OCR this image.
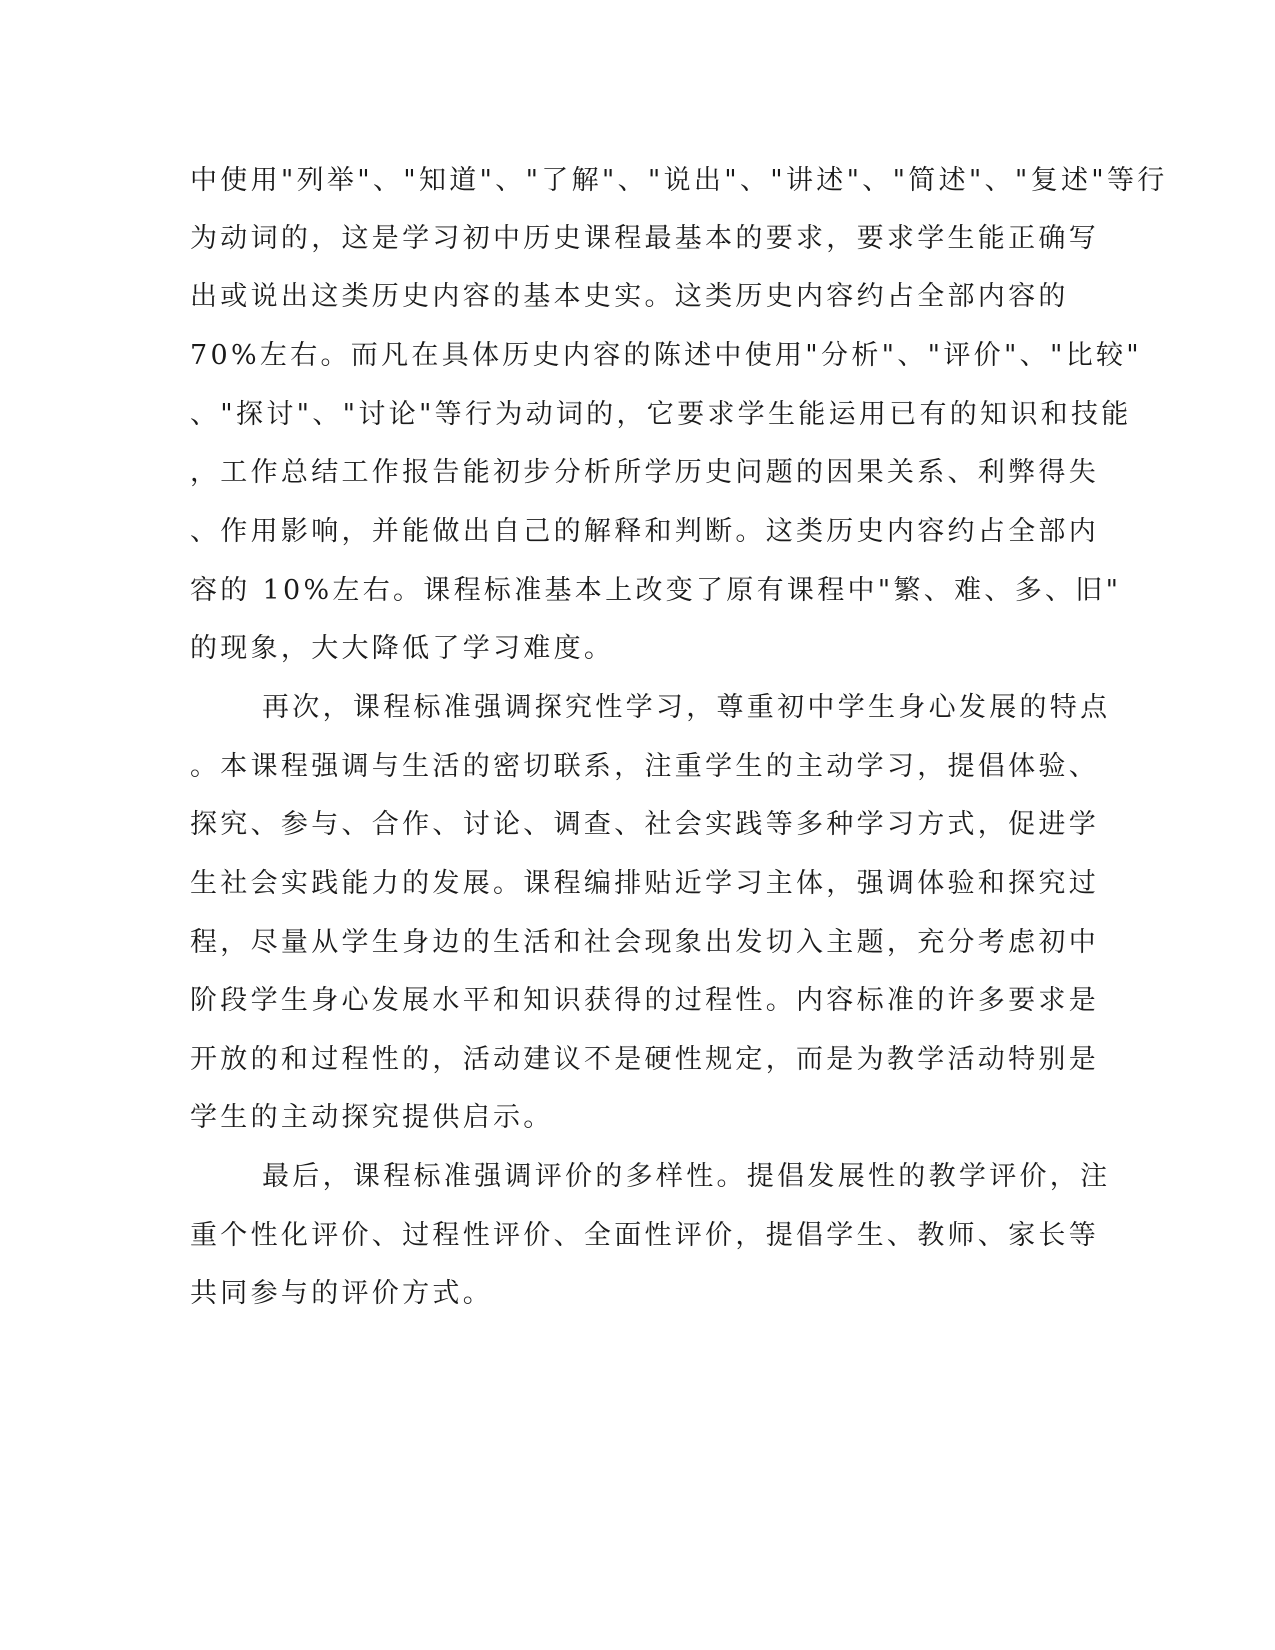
中使用"列举"、"知道"、"了解"、"说出"、"讲述"、"简述"、"复述"等行
为动词的，这是学习初中历史课程最基本的要求，要求学生能正确写
出或说出这类历史内容的基本史实。这类历史内容约占全部内容的
70%左右。而凡在具体历史内容的陈述中使用"分析"、"评价"、"比较"
、"探讨"、"讨论"等行为动词的，它要求学生能运用已有的知识和技能
，工作总结工作报告能初步分析所学历史问题的因果关系、利弊得失
、作用影响，并能做出自己的解释和判断。这类历史内容约占全部内
容的 10%左右。课程标准基本上改变了原有课程中"繁、难、多、旧"
的现象，大大降低了学习难度。
再次，课程标准强调探究性学习，尊重初中学生身心发展的特点
。本课程强调与生活的密切联系，注重学生的主动学习，提倡体验、
探究、参与、合作、讨论、调查、社会实践等多种学习方式，促进学
生社会实践能力的发展。课程编排贴近学习主体，强调体验和探究过
程，尽量从学生身边的生活和社会现象出发切入主题，充分考虑初中
阶段学生身心发展水平和知识获得的过程性。内容标准的许多要求是
开放的和过程性的，活动建议不是硬性规定，而是为教学活动特别是
学生的主动探究提供启示。
最后，课程标准强调评价的多样性。提倡发展性的教学评价，注
重个性化评价、过程性评价、全面性评价，提倡学生、教师、家长等
共同参与的评价方式。
